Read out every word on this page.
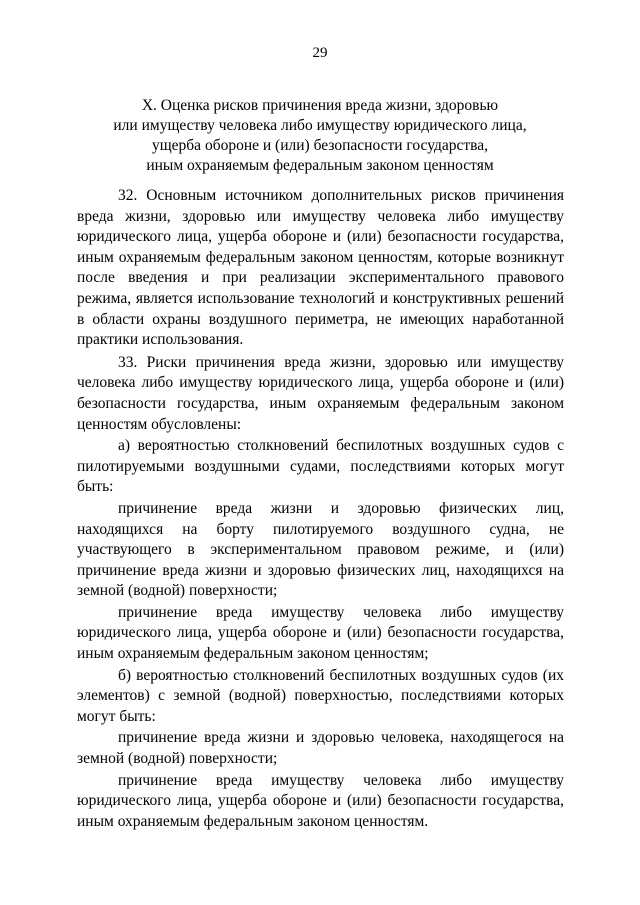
29
X. Оценка рисков причинения вреда жизни, здоровью
или имуществу человека либо имуществу юридического лица,
ущерба обороне и (или) безопасности государства,
иным охраняемым федеральным законом ценностям

32. Основным источником дополнительных рисков причинения вреда жизни, здоровью или имуществу человека либо имуществу юридического лица, ущерба обороне и (или) безопасности государства, иным охраняемым федеральным законом ценностям, которые возникнут после введения и при реализации экспериментального правового режима, является использование технологий и конструктивных решений в области охраны воздушного периметра, не имеющих наработанной практики использования.

33. Риски причинения вреда жизни, здоровью или имуществу человека либо имуществу юридического лица, ущерба обороне и (или) безопасности государства, иным охраняемым федеральным законом ценностям обусловлены:

а) вероятностью столкновений беспилотных воздушных судов с пилотируемыми воздушными судами, последствиями которых могут быть:

причинение вреда жизни и здоровью физических лиц, находящихся на борту пилотируемого воздушного судна, не участвующего в экспериментальном правовом режиме, и (или) причинение вреда жизни и здоровью физических лиц, находящихся на земной (водной) поверхности;

причинение вреда имуществу человека либо имуществу юридического лица, ущерба обороне и (или) безопасности государства, иным охраняемым федеральным законом ценностям;

б) вероятностью столкновений беспилотных воздушных судов (их элементов) с земной (водной) поверхностью, последствиями которых могут быть:

причинение вреда жизни и здоровью человека, находящегося на земной (водной) поверхности;

причинение вреда имуществу человека либо имуществу юридического лица, ущерба обороне и (или) безопасности государства, иным охраняемым федеральным законом ценностям.
